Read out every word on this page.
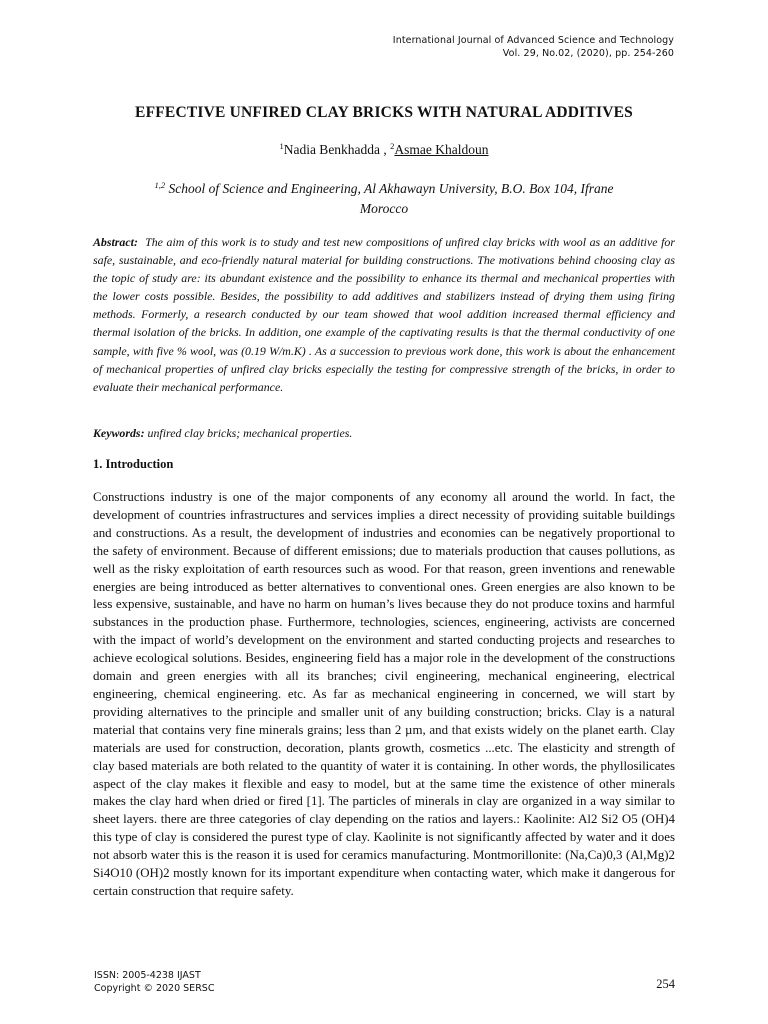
International Journal of Advanced Science and Technology
Vol. 29, No.02, (2020), pp. 254-260
EFFECTIVE UNFIRED CLAY BRICKS WITH NATURAL ADDITIVES
$^1$Nadia Benkhadda , $^2$Asmae Khaldoun
$^{1,2}$ School of Science and Engineering, Al Akhawayn University, B.O. Box 104, Ifrane
Morocco

Abstract: The aim of this work is to study and test new compositions of unfired clay bricks with wool as an additive for safe, sustainable, and eco-friendly natural material for building constructions. The motivations behind choosing clay as the topic of study are: its abundant existence and the possibility to enhance its thermal and mechanical properties with the lower costs possible. Besides, the possibility to add additives and stabilizers instead of drying them using firing methods. Formerly, a research conducted by our team showed that wool addition increased thermal efficiency and thermal isolation of the bricks. In addition, one example of the captivating results is that the thermal conductivity of one sample, with five % wool, was (0.19 W/m.K) . As a succession to previous work done, this work is about the enhancement of mechanical properties of unfired clay bricks especially the testing for compressive strength of the bricks, in order to evaluate their mechanical performance.

Keywords: unfired clay bricks; mechanical properties.

1. Introduction

Constructions industry is one of the major components of any economy all around the world. In fact, the development of countries infrastructures and services implies a direct necessity of providing suitable buildings and constructions. As a result, the development of industries and economies can be negatively proportional to the safety of environment. Because of different emissions; due to materials production that causes pollutions, as well as the risky exploitation of earth resources such as wood. For that reason, green inventions and renewable energies are being introduced as better alternatives to conventional ones. Green energies are also known to be less expensive, sustainable, and have no harm on human’s lives because they do not produce toxins and harmful substances in the production phase. Furthermore, technologies, sciences, engineering, activists are concerned with the impact of world’s development on the environment and started conducting projects and researches to achieve ecological solutions. Besides, engineering field has a major role in the development of the constructions domain and green energies with all its branches; civil engineering, mechanical engineering, electrical engineering, chemical engineering. etc. As far as mechanical engineering in concerned, we will start by providing alternatives to the principle and smaller unit of any building construction; bricks. Clay is a natural material that contains very fine minerals grains; less than 2 µm, and that exists widely on the planet earth. Clay materials are used for construction, decoration, plants growth, cosmetics ...etc. The elasticity and strength of clay based materials are both related to the quantity of water it is containing. In other words, the phyllosilicates aspect of the clay makes it flexible and easy to model, but at the same time the existence of other minerals makes the clay hard when dried or fired [1]. The particles of minerals in clay are organized in a way similar to sheet layers. there are three categories of clay depending on the ratios and layers.: Kaolinite: Al2 Si2 O5 (OH)4 this type of clay is considered the purest type of clay. Kaolinite is not significantly affected by water and it does not absorb water this is the reason it is used for ceramics manufacturing. Montmorillonite: (Na,Ca)0,3 (Al,Mg)2 Si4O10 (OH)2 mostly known for its important expenditure when contacting water, which make it dangerous for certain construction that require safety.

ISSN: 2005-4238 IJAST
Copyright © 2020 SERSC	254
